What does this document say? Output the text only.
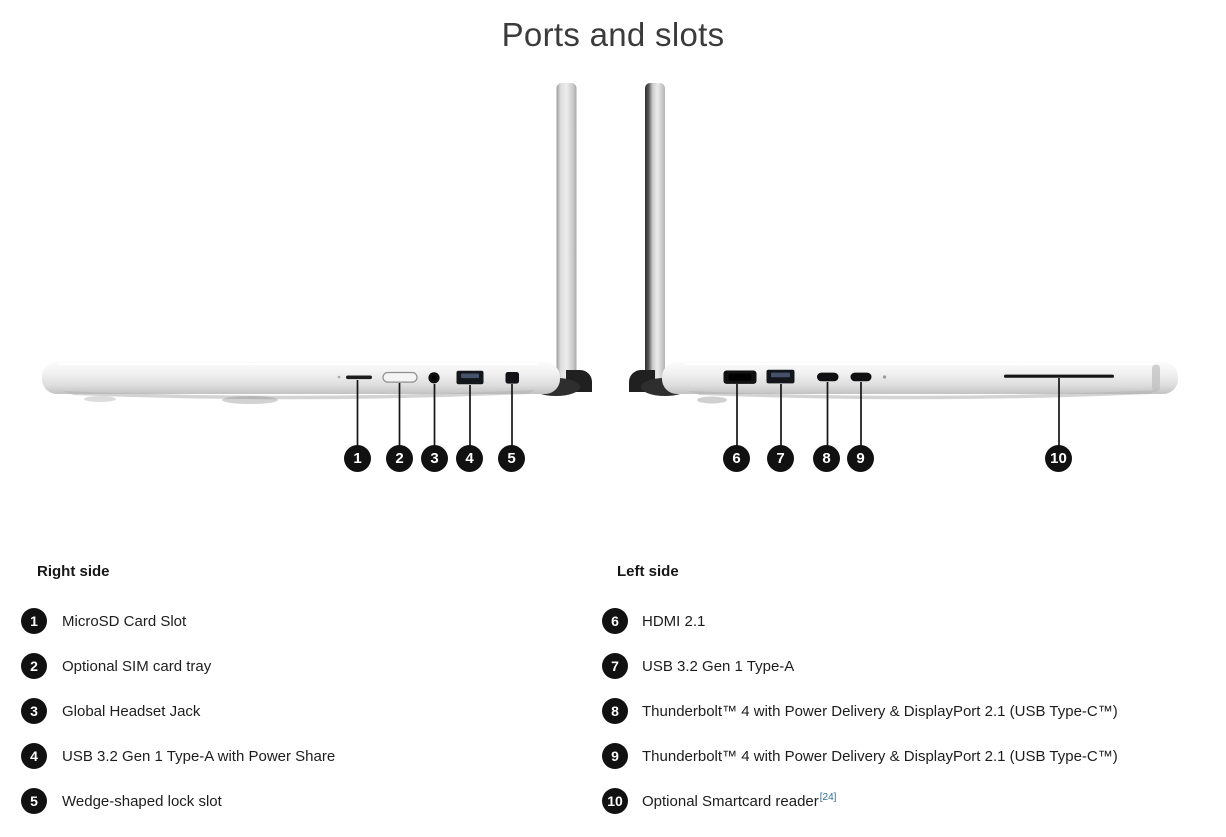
Ports and slots
1	2	3	4	5	6	7	8	9	10
Right side
1	MicroSD Card Slot
2	Optional SIM card tray
3	Global Headset Jack
4	USB 3.2 Gen 1 Type-A with Power Share
5	Wedge-shaped lock slot
Left side
6	HDMI 2.1
7	USB 3.2 Gen 1 Type-A
8	Thunderbolt™ 4 with Power Delivery & DisplayPort 2.1 (USB Type-C™)
9	Thunderbolt™ 4 with Power Delivery & DisplayPort 2.1 (USB Type-C™)
10	Optional Smartcard reader[24]
